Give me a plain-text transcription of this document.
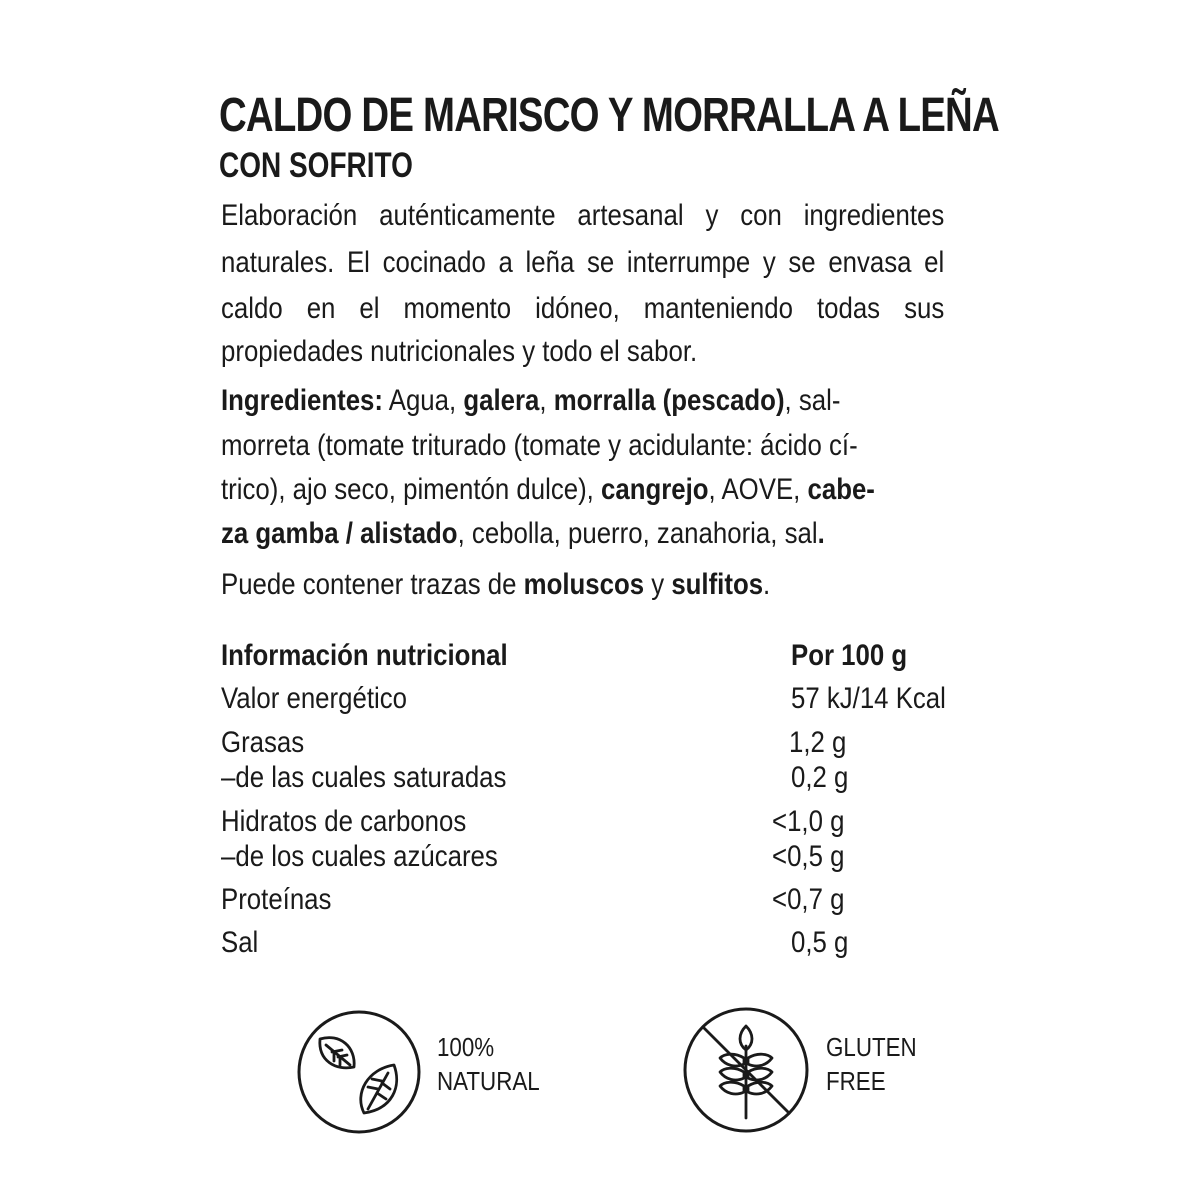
CALDO DE MARISCO Y MORRALLA A LEÑA
CON SOFRITO
Elaboración auténticamente artesanal y con ingredientes
naturales. El cocinado a leña se interrumpe y se envasa el
caldo en el momento idóneo, manteniendo todas sus
propiedades nutricionales y todo el sabor.
Ingredientes: Agua, galera, morralla (pescado), sal-
morreta (tomate triturado (tomate y acidulante: ácido cí-
trico), ajo seco, pimentón dulce), cangrejo, AOVE, cabe-
za gamba / alistado, cebolla, puerro, zanahoria, sal.
Puede contener trazas de moluscos y sulfitos.
Información nutricional	Por 100 g
Valor energético	57 kJ/14 Kcal
Grasas	1,2 g
–de las cuales saturadas	0,2 g
Hidratos de carbonos	<1,0 g
–de los cuales azúcares	<0,5 g
Proteínas	<0,7 g
Sal	0,5 g
100%
NATURAL
GLUTEN
FREE
